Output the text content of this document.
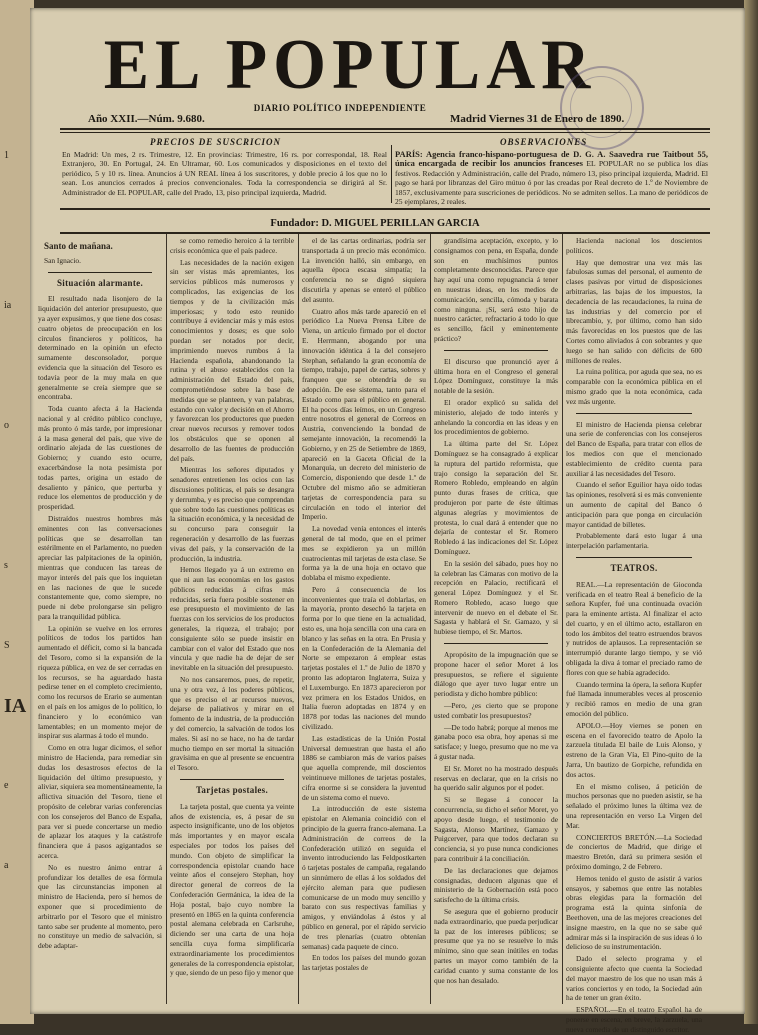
1
ia
o
s
S
IA
e
a
EL POPULAR
DIARIO POLÍTICO INDEPENDIENTE
Año XXII.—Núm. 9.680.	Madrid Viernes 31 de Enero de 1890.
PRECIOS DE SUSCRICION	OBSERVACIONES
En Madrid: Un mes, 2 rs. Trimestre, 12. En provincias: Trimestre, 16 rs. por correspondal, 18. Real Extranjero, 30. En Portugal, 24. En Ultramar, 60. Los comunicados y disposiciones en el texto del periódico, 5 y 10 rs. línea. Anuncios á UN REAL línea á los suscritores, y doble precio á los que no lo sean. Los anuncios cerrados á precios convencionales. Toda la correspondencia se dirigirá al Sr. Administrador de EL POPULAR, calle del Prado, 13, piso principal izquierda, Madrid.
PARÍS: Agencia franco-hispano-portuguesa de D. G. A. Saavedra rue Taitbout 55, única encargada de recibir los anuncios franceses EL POPULAR no se publica los días festivos. Redacción y Administración, calle del Prado, número 13, piso principal izquierda, Madrid. El pago se hará por libranzas del Giro mútuo ó por las creadas por Real decreto de 1.º de Noviembre de 1857, exclusivamente para suscriciones de periódicos. No se admiten sellos. La mano de periódicos de 25 ejemplares, 2 reales.
Fundador: D. MIGUEL PERILLAN GARCIA

Santo de mañana.

San Ignacio.

Situación alarmante.

El resultado nada lisonjero de la liquidación del anterior presupuesto, que ya ayer expusimos, y que tiene dos cosas: cuatro objetos de preocupación en los círculos financieros y políticos, ha determinado en la opinión un efecto sumamente desconsolador, porque evidencia que la situación del Tesoro es todavía peor de la muy mala en que generalmente se creía siempre que se encontraba.

Toda cuanto afecta á la Hacienda nacional y al crédito público concluye, más pronto ó más tarde, por impresionar á la masa general del país, que vive de ordinario alejada de las cuestiones de Gobierno; y cuando esto ocurre, exacerbándose la nota pesimista por todas partes, origina un estado de desaliento y pánico, que perturba y reduce los elementos de producción y de prosperidad.

Distraídos nuestros hombres más eminentes con las conversaciones políticas que se desarrollan tan estérilmente en el Parlamento, no pueden apreciar las palpitaciones de la opinión, mientras que conducen las tareas de mayor interés del país que los inquietan en las naciones de que le sucede constantemente que, como siempre, no puede ni debe prolongarse sin peligro para la tranquilidad pública.

La opinión se vuelve en los errores políticos de todos los partidos han aumentado el déficit, como si la bancada del Tesoro, como si la expansión de la riqueza pública, en vez de ser cerradas en los recursos, se ha aguardado hasta pedirse tener en el completo crecimiento, como los recursos de Erario se aumentan en el país en los amigos de lo político, lo financiero y lo económico van lamentables; en un momento mejor de inspirar sus alarmas á todo el mundo.

Como en otra lugar dicimos, el señor ministro de Hacienda, para remediar sin dudas los desastrosos efectos de la liquidación del último presupuesto, y aliviar, siquiera sea momentáneamente, la aflictiva situación del Tesoro, tiene el propósito de celebrar varias conferencias con los consejeros del Banco de España, para ver si puede concertarse un medio de aplazar los ataques y la catástrofe financiera que á pasos agigantados se acerca.

No es nuestro ánimo entrar á profundizar los detalles de esa fórmula que las circunstancias imponen al ministro de Hacienda, pero sí hemos de exponer que si procedimiento de arbitrarlo por el Tesoro que el ministro tanto sabe ser prudente al momento, pero no constituye un medio de salvación, si debe adaptar-

se como remedio heroico á la terrible crisis económica que el país padece.

Las necesidades de la nación exigen sin ser vistas más apremiantes, los servicios públicos más numerosos y complicados, las exigencias de los tiempos y de la civilización más imperiosas; y todo esto reunido contribuye á evidenciar más y más estos conocimientos y doses; es que solo puedan ser notados por decir, imprimiendo nuevos rumbos á la Hacienda española, abandonando la rutina y el abuso establecidos con la administración del Estado del país, comprometiéndose sobre la base de medidas que se planteen, y van palabras, estando con valor y decisión en el Ahorro y favorezcan los productores que pueden crear nuevos recursos y remover todos los obstáculos que se oponen al desarrollo de las fuentes de producción del país.

Mientras los señores diputados y senadores entretienen los ocios con las discusiones políticas, el país se desangra y derrumba, y es preciso que comprendan que sobre todo las cuestiones políticas es la situación económica, y la necesidad de su concurso para conseguir la regeneración y desarrollo de las fuerzas vivas del país, y la conservación de la producción, la industria.

Hemos llegado ya á un extremo en que ni aun las economías en los gastos públicos reducidas á cifras más reducidas, sería fuera posible sostener en ese presupuesto el movimiento de las fuerzas con los servicios de los productos generales, la riqueza, el trabajo; por consiguiente sólo se puede insistir en cambiar con el valor del Estado que nos vincula y que nadie ha de dejar de ser inevitable en la situación del presupuesto.

No nos cansaremos, pues, de repetir, una y otra vez, á los poderes públicos, que es preciso el ar recursos nuevos, dejarse de paliativos y mirar en el fomento de la industria, de la producción y del comercio, la salvación de todos los males. Si así no se hace, no ha de tardar mucho tiempo en ser mortal la situación gravísima en que al presente se encuentra el Tesoro.

Tarjetas postales.

La tarjeta postal, que cuenta ya veinte años de existencia, es, á pesar de su aspecto insignificante, uno de los objetos más importantes y en mayor escala especiales por todos los países del mundo. Con objeto de simplificar la correspondencia epistolar cuando hace veinte años el consejero Stephan, hoy director general de correos de la Confederación Germánica, la idea de la Hoja postal, bajo cuyo nombre la presentó en 1865 en la quinta conferencia postal alemana celebrada en Carlsruhe, diciendo ser una carta de una hoja sencilla cuya forma simplificaría extraordinariamente los procedimientos generales de la correspondencia epistolar, y que, siendo de un peso fijo y menor que

el de las cartas ordinarias, podría ser transportada á un precio más económico. La invención halló, sin embargo, en aquella época escasa simpatía; la conferencia no se dignó siquiera discutirla y apenas se enteró el público del asunto.

Cuatro años más tarde apareció en el periódico La Nueva Prensa Libre de Viena, un artículo firmado por el doctor E. Herrmann, abogando por una innovación idéntica á la del consejero Stephan, señalando la gran economía de tiempo, trabajo, papel de cartas, sobres y franqueo que se obtendría de su adopción. De ese sistema, tanto para el Estado como para el público en general. El ha pocos días leímos, en un Congreso entre nosotros el general de Correos en Austria, convenciendo la bondad de semejante innovación, la recomendó la Gobierno, y en 25 de Setiembre de 1869, apareció en la Gaceta Oficial de la Monarquía, un decreto del ministerio de Comercio, disponiendo que desde 1.º de Octubre del mismo año se admitieran tarjetas de correspondencia para su circulación en todo el interior del Imperio.

La novedad venía entonces el interés general de tal modo, que en el primer mes se expidieron ya un millón cuatrocientas mil tarjetas de esta clase. Se forma ya la de una hoja en octavo que doblaba el mismo expediente.

Pero á consecuencia de los inconvenientes que traía el doblarlas, en la mayoría, pronto desechó la tarjeta en forma por lo que tiene en la actualidad, esto es, una hoja sencilla con una cara en blanco y las señas en la otra. En Prusia y en la Confederación de la Alemania del Norte se empezaron á emplear estas tarjetas postales el 1.º de Julio de 1870 y pronto las adoptaron Inglaterra, Suiza y el Luxemburgo. En 1873 aparecieron por vez primera en los Estados Unidos, en Italia fueron adoptadas en 1874 y en 1878 por todas las naciones del mundo civilizado.

Las estadísticas de la Unión Postal Universal demuestran que hasta el año 1886 se cambiaron más de varios países que aquella comprende, mil doscientos veintinueve millones de tarjetas postales, cifra enorme si se considera la juventud de un sistema como el nuevo.

La introducción de este sistema epistolar en Alemania coincidió con el principio de la guerra franco-alemana. La Administración de correos de la Confederación utilizó en seguida el invento introduciendo las Feldpostkarten ó tarjetas postales de campaña, regalando un sinnúmero de ellas á los soldados del ejército aleman para que pudiesen comunicarse de un modo muy sencillo y barato con sus respectivas familias y amigos, y enviándolas á éstos y al público en general, por el rápido servicio de tres plenarías (cuatro obtenían semanas) cada paquete de cinco.

En todos los países del mundo gozan las tarjetas postales de

grandísima aceptación, excepto, y lo consignamos con pena, en España, donde son en muchísimos puntos completamente desconocidas. Parece que hay aquí una como repugnancia á tener en nuestras ideas, en los medios de comunicación, sencilla, cómoda y barata como ninguna. ¡Sí, será esto hijo de nuestro carácter, refractario á todo lo que es sencillo, fácil y eminentemente práctico?

El discurso que pronunció ayer á última hora en el Congreso el general López Domínguez, constituye la más notable de la sesión.

El orador explicó su salida del ministerio, alejado de todo interés y anhelando la concordia en las ideas y en los procedimientos de gobierno.

La última parte del Sr. López Domínguez se ha consagrado á explicar la ruptura del partido reformista, que trajo consigo la separación del Sr. Romero Robledo, empleando en algún punto duras frases de crítica, que produjeron por parte de éste últimas algunas alegrías y movimientos de protesta, lo cual dará á entender que no dejaría de contestar el Sr. Romero Robledo á las indicaciones del Sr. López Domínguez.

En la sesión del sábado, pues hoy no la celebran las Cámaras con motivo de la recepción en Palacio, rectificará el general López Domínguez y el Sr. Romero Robledo, acaso luego que intervenir de nuevo en el debate el Sr. Sagasta y hablará el Sr. Gamazo, y si hubiese tiempo, el Sr. Martos.

Apropósito de la impugnación que se propone hacer el señor Moret á los presupuestos, se refiere el siguiente diálogo que ayer tuvo lugar entre un periodista y dicho hombre público:

—Pero, ¿es cierto que se propone usted combatir los presupuestos?

—De todo habrá; porque al menos me ganaba poco esa obra, hoy apenas si me satisface; y luego, presumo que no me va á gustar nada.

El Sr. Moret no ha mostrado después reservas en declarar, que en la crisis no ha querido salir algunos por el poder.

Si se llegase á conocer la concurrencia, su dicho el señor Moret, yo apoyo desde luego, el testimonio de Sagasta, Alonso Martínez, Gamazo y Puigcerver, para que todos declaran su conciencia, si yo puse nunca condiciones para contribuir á la conciliación.

De las declaraciones que dejamos consignadas, deducen algunas que el ministerio de la Gobernación está poco satisfecho de la última crisis.

Se asegura que el gobierno producir nada extraordinario, que pueda perjudicar la paz de los intereses públicos; se presume que ya no se resuelve lo más mínimo, sino que sean inútiles en todas partes un mayor como también de la caridad cuanto y suma constante de los que nos han desalado.

Hacienda nacional los doscientos políticos.

Hay que demostrar una vez más las fabulosas sumas del personal, el aumento de clases pasivas por virtud de disposiciones arbitrarias, las bajas de los impuestos, la decadencia de las recaudaciones, la ruina de las industrias y del comercio por el librecambio, y, por último, como han sido más favorecidas en los puestos que de las Cortes como aliviados á con sobrantes y que luego se han salido con déficits de 600 millones de reales.

La ruina política, por aguda que sea, no es comparable con la económica pública en el mismo grado que la nota económica, cada vez más urgente.

El ministro de Hacienda piensa celebrar una serie de conferencias con los consejeros del Banco de España, para tratar con ellos de los medios con que el mencionado establecimiento de crédito cuenta para auxiliar á las necesidades del Tesoro.

Cuando el señor Eguilior haya oído todas las opiniones, resolverá si es más conveniente un aumento de capital del Banco ó anticipación para que ponga en circulación mayor cantidad de billetes.

Probablemente dará esto lugar á una interpelación parlamentaria.

TEATROS.

REAL.—La representación de Gioconda verificada en el teatro Real á beneficio de la señora Kupfer, fué una continuada ovación para la eminente artista. Al finalizar el acto del cuarto, y en el último acto, estallaron en todo los ámbitos del teatro estruendos bravos y nutridos de aplausos. La representación se interrumpió durante largo tiempo, y se vió obligada la diva á tomar el preciado ramo de flores con que se había agradecido.

Cuando termina la ópera, la señora Kupfer fué llamada innumerables veces al proscenio y recibió ramos en medio de una gran emoción del público.

APOLO.—Hoy viernes se ponen en escena en el favorecido teatro de Apolo la zarzuela titulada El baile de Luis Alonso, y estreno de la Gran Vía, El Pino-quito de la Jarra, Un bautizo de Gorpiche, refundida en dos actos.

En el mismo coliseo, á petición de muchos personas que no pueden asistir, se ha señalado el próximo lunes la última vez de una representación en verso La Virgen del Mar.

CONCIERTOS BRETÓN.—La Sociedad de conciertos de Madrid, que dirige el maestro Bretón, dará su primera sesión el próximo domingo, 2 de Febrero.

Hemos tenido el gusto de asistir á varios ensayos, y sabemos que entre las notables obras elegidas para la formación del programa está la quinta sinfonía de Beethoven, una de las mejores creaciones del insigne maestro, en la que no se sabe qué admirar más si la inspiración de sus ideas ó lo delicioso de su instrumentación.

Dado el selecto programa y el consiguiente afecto que cuenta la Sociedad del mayor maestro de los que no usan más á varios conciertos y en todo, la Sociedad aún ha de tener un gran éxito.

ESPAÑOL.—En el teatro Español ha de ponerse en escena, en breve, la zarzuela, una nueva comedia de un distinguido escritor.
